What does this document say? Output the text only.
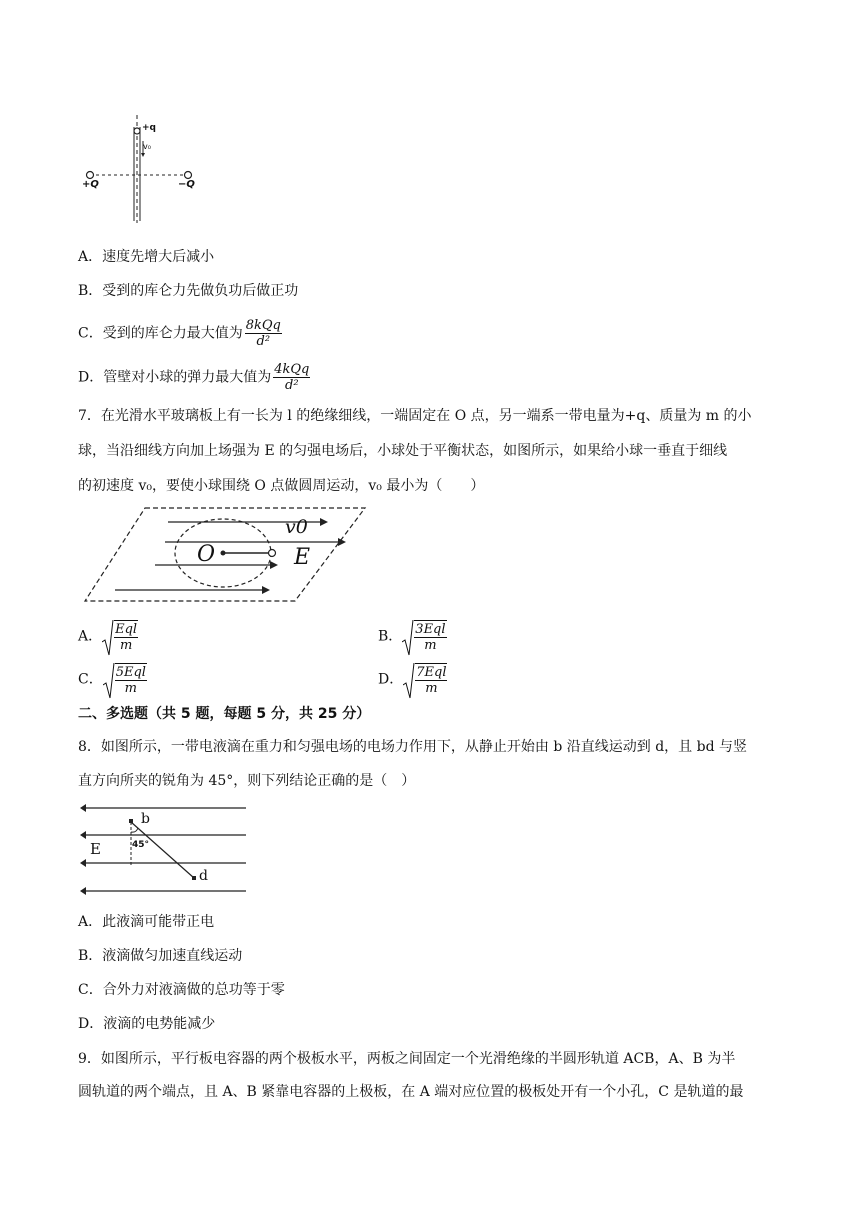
+q
v₀
+Q	−Q
A．速度先增大后减小
B．受到的库仑力先做负功后做正功
C．受到的库仑力最大值为 $\frac{\text{8kQq}}{\text{d²}}$
D．管壁对小球的弹力最大值为 $\frac{\text{4kQq}}{\text{d²}}$
7．在光滑水平玻璃板上有一长为 l 的绝缘细线，一端固定在 O 点，另一端系一带电量为+q、质量为 m 的小
球，当沿细线方向加上场强为 E 的匀强电场后，小球处于平衡状态，如图所示，如果给小球一垂直于细线
的初速度 v₀，要使小球围绕 O 点做圆周运动，v₀ 最小为（　　）
O	E
v0
A． $\frac{\text{Eql}}{m}$	B． $\frac{\text{3Eql}}{m}$
C． $\frac{\text{5Eql}}{m}$	D． $\frac{\text{7Eql}}{m}$
二、多选题（共 5 题，每题 5 分，共 25 分）
8．如图所示，一带电液滴在重力和匀强电场的电场力作用下，从静止开始由 b 沿直线运动到 d，且 bd 与竖
直方向所夹的锐角为 45°，则下列结论正确的是（　）
b
d
E	45°
A．此液滴可能带正电
B．液滴做匀加速直线运动
C．合外力对液滴做的总功等于零
D．液滴的电势能减少
9．如图所示，平行板电容器的两个极板水平，两板之间固定一个光滑绝缘的半圆形轨道 ACB，A、B 为半
圆轨道的两个端点，且 A、B 紧靠电容器的上极板，在 A 端对应位置的极板处开有一个小孔，C 是轨道的最
